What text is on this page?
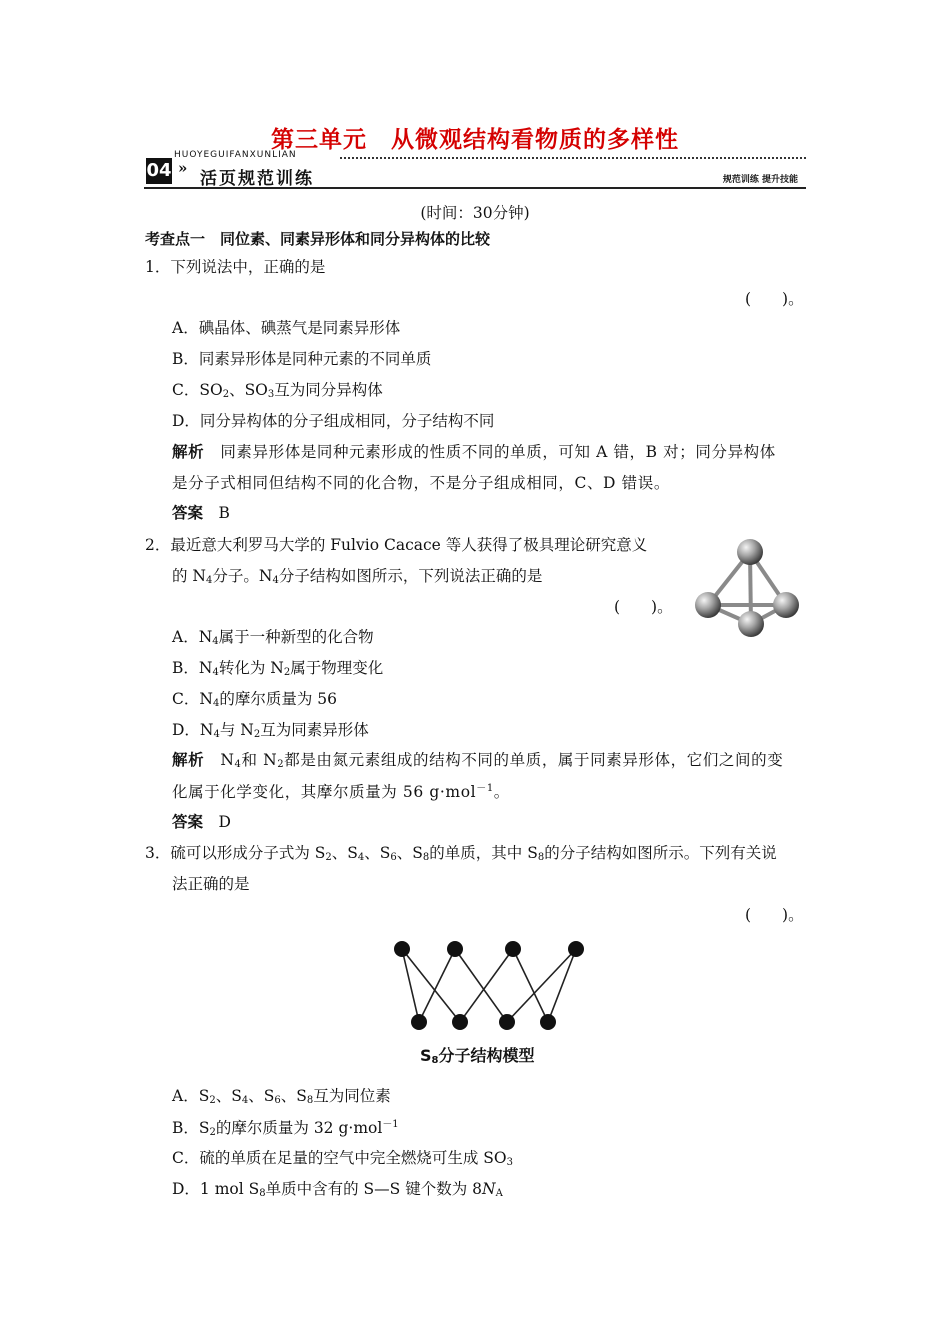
第三单元　从微观结构看物质的多样性
04 »
HUOYEGUIFANXUNLIAN
活页规范训练	规范训练 提升技能
(时间：30分钟)
考查点一　同位素、同素异形体和同分异构体的比较
1．下列说法中，正确的是
(　　)。
A．碘晶体、碘蒸气是同素异形体
B．同素异形体是同种元素的不同单质
C．$SO_2$、$SO_3$互为同分异构体
D．同分异构体的分子组成相同，分子结构不同
解析　 同素异形体是同种元素形成的性质不同的单质，可知 A 错，B 对；同分异构体
是分子式相同但结构不同的化合物，不是分子组成相同，C、D 错误。
答案　 B
2．最近意大利罗马大学的 Fulvio Cacace 等人获得了极具理论研究意义
的 $N_4$分子。$N_4$分子结构如图所示，下列说法正确的是
(　　)。
A．$N_4$属于一种新型的化合物
B．$N_4$转化为 $N_2$属于物理变化
C．$N_4$的摩尔质量为 56
D．$N_4$与 $N_2$互为同素异形体
解析　 $N_4$和 $N_2$都是由氮元素组成的结构不同的单质，属于同素异形体，它们之间的变
化属于化学变化，其摩尔质量为 56 g·mol$^{-1}$。
答案　 D
3．硫可以形成分子式为 $S_2$、$S_4$、$S_6$、$S_8$的单质，其中 $S_8$的分子结构如图所示。下列有关说
法正确的是
(　　)。
$S_8$分子结构模型
A．$S_2$、$S_4$、$S_6$、$S_8$互为同位素
B．$S_2$的摩尔质量为 32 g·mol$^{-1}$
C．硫的单质在足量的空气中完全燃烧可生成 $SO_3$
D．1 mol $S_8$单质中含有的 S—S 键个数为 $8N_A$
